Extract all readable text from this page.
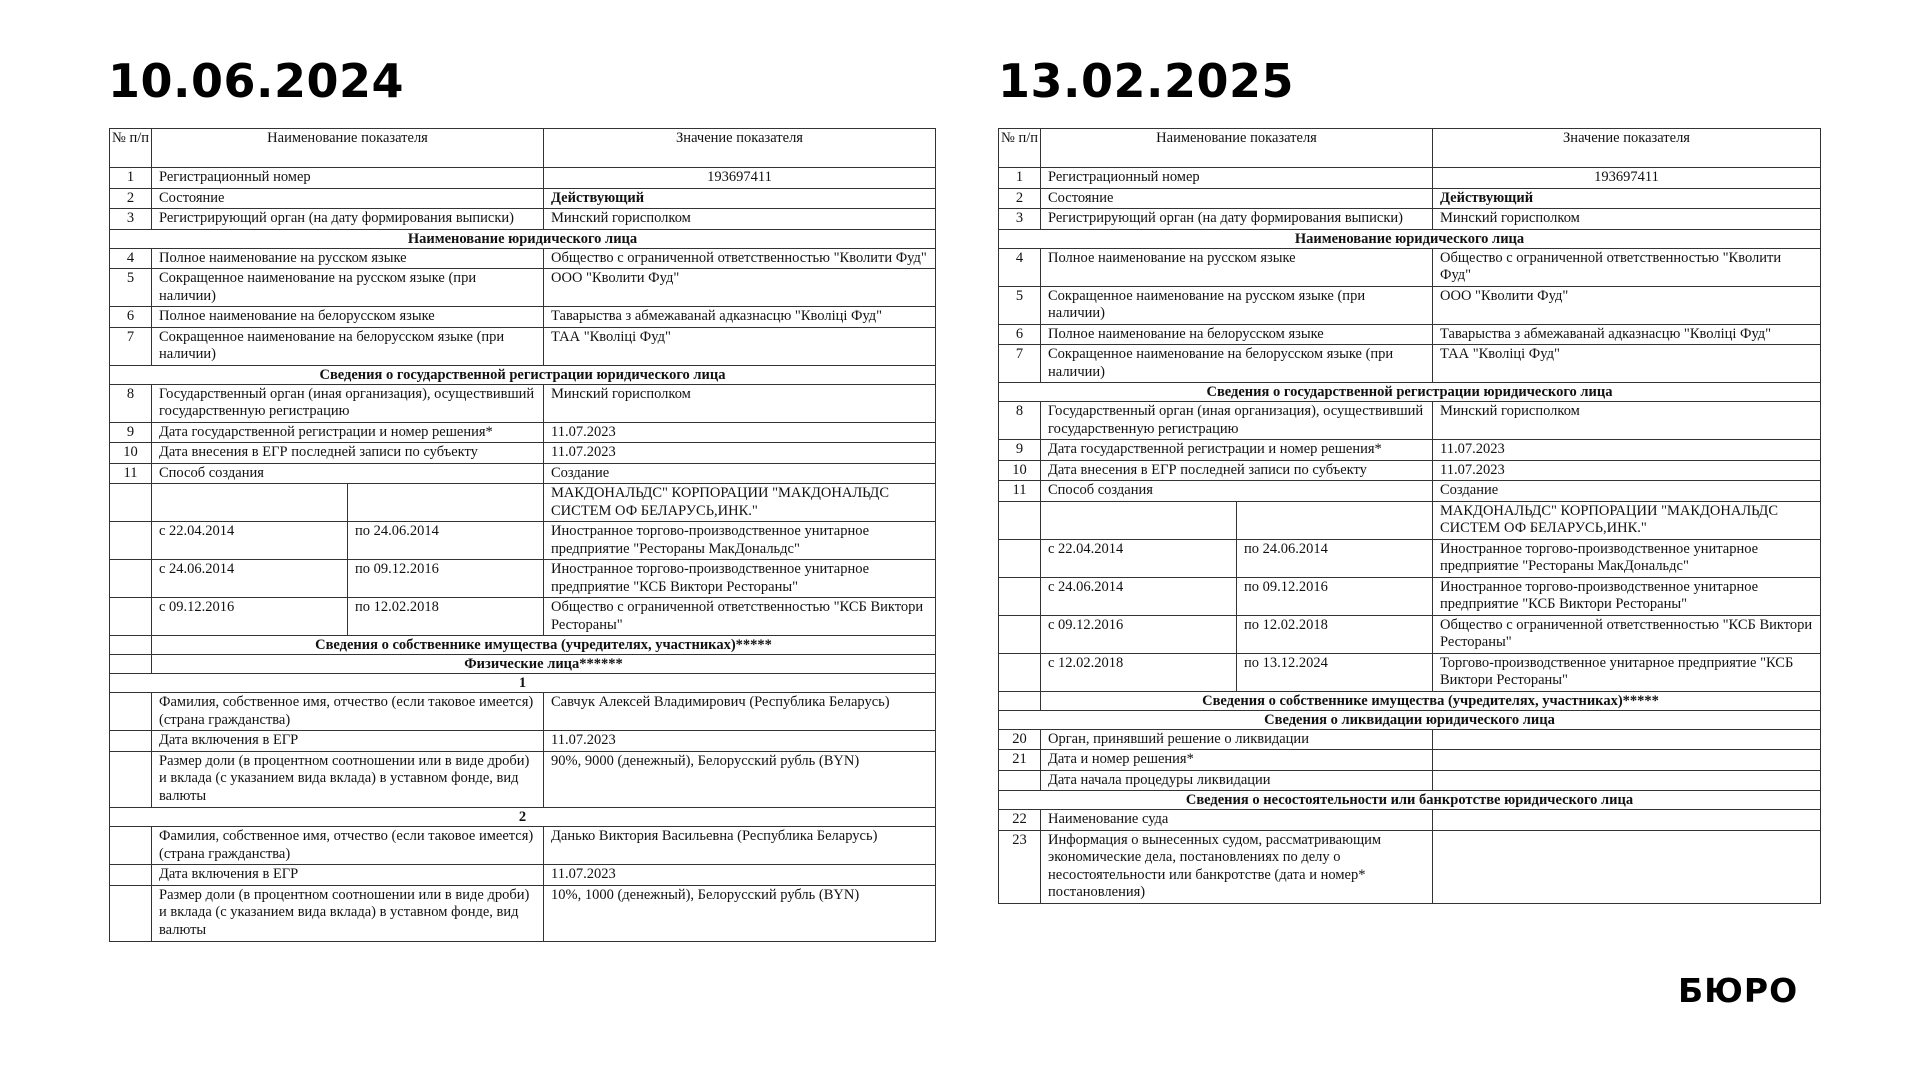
10.06.2024	13.02.2025
№ п/п	Наименование показателя		Значение показателя
1	Регистрационный номер		193697411
2	Состояние		Действующий
3	Регистрирующий орган (на дату формирования выписки)		Минский горисполком
Наименование юридического лица			
4	Полное наименование на русском языке		Общество с ограниченной ответственностью "Кволити Фуд"
5	Сокращенное наименование на русском языке (при наличии)		ООО "Кволити Фуд"
6	Полное наименование на белорусском языке		Таварыства з абмежаванай адказнасцю "Кволіці Фуд"
7	Сокращенное наименование на белорусском языке (при наличии)		ТАА "Кволіці Фуд"
Сведения о государственной регистрации юридического лица			
8	Государственный орган (иная организация), осуществивший государственную регистрацию		Минский горисполком
9	Дата государственной регистрации и номер решения*		11.07.2023
10	Дата внесения в ЕГР последней записи по субъекту		11.07.2023
11	Способ создания		Создание
			МАКДОНАЛЬДС" КОРПОРАЦИИ "МАКДОНАЛЬДС СИСТЕМ ОФ БЕЛАРУСЬ,ИНК."
	с 22.04.2014	по 24.06.2014	Иностранное торгово-производственное унитарное предприятие "Рестораны МакДональдс"
	с 24.06.2014	по 09.12.2016	Иностранное торгово-производственное унитарное предприятие "КСБ Виктори Рестораны"
	с 09.12.2016	по 12.02.2018	Общество с ограниченной ответственностью "КСБ Виктори Рестораны"
	Сведения о собственнике имущества (учредителях, участниках)*****		
	Физические лица******		
1			
	Фамилия, собственное имя, отчество (если таковое имеется) (страна гражданства)		Савчук Алексей Владимирович (Республика Беларусь)
	Дата включения в ЕГР		11.07.2023
	Размер доли (в процентном соотношении или в виде дроби) и вклада (с указанием вида вклада) в уставном фонде, вид валюты		90%, 9000 (денежный), Белорусский рубль (BYN)
2			
	Фамилия, собственное имя, отчество (если таковое имеется) (страна гражданства)		Данько Виктория Васильевна (Республика Беларусь)
	Дата включения в ЕГР		11.07.2023
	Размер доли (в процентном соотношении или в виде дроби) и вклада (с указанием вида вклада) в уставном фонде, вид валюты		10%, 1000 (денежный), Белорусский рубль (BYN)
№ п/п	Наименование показателя		Значение показателя
1	Регистрационный номер		193697411
2	Состояние		Действующий
3	Регистрирующий орган (на дату формирования выписки)		Минский горисполком
Наименование юридического лица			
4	Полное наименование на русском языке		Общество с ограниченной ответственностью "Кволити Фуд"
5	Сокращенное наименование на русском языке (при наличии)		ООО "Кволити Фуд"
6	Полное наименование на белорусском языке		Таварыства з абмежаванай адказнасцю "Кволіці Фуд"
7	Сокращенное наименование на белорусском языке (при наличии)		ТАА "Кволіці Фуд"
Сведения о государственной регистрации юридического лица			
8	Государственный орган (иная организация), осуществивший государственную регистрацию		Минский горисполком
9	Дата государственной регистрации и номер решения*		11.07.2023
10	Дата внесения в ЕГР последней записи по субъекту		11.07.2023
11	Способ создания		Создание
			МАКДОНАЛЬДС" КОРПОРАЦИИ "МАКДОНАЛЬДС СИСТЕМ ОФ БЕЛАРУСЬ,ИНК."
	с 22.04.2014	по 24.06.2014	Иностранное торгово-производственное унитарное предприятие "Рестораны МакДональдс"
	с 24.06.2014	по 09.12.2016	Иностранное торгово-производственное унитарное предприятие "КСБ Виктори Рестораны"
	с 09.12.2016	по 12.02.2018	Общество с ограниченной ответственностью "КСБ Виктори Рестораны"
	с 12.02.2018	по 13.12.2024	Торгово-производственное унитарное предприятие "КСБ Виктори Рестораны"
	Сведения о собственнике имущества (учредителях, участниках)*****		
Сведения о ликвидации юридического лица			
20	Орган, принявший решение о ликвидации		
21	Дата и номер решения*		
	Дата начала процедуры ликвидации		
Сведения о несостоятельности или банкротстве юридического лица			
22	Наименование суда		
23	Информация о вынесенных судом, рассматривающим экономические дела, постановлениях по делу о несостоятельности или банкротстве (дата и номер* постановления)		
БЮРО
